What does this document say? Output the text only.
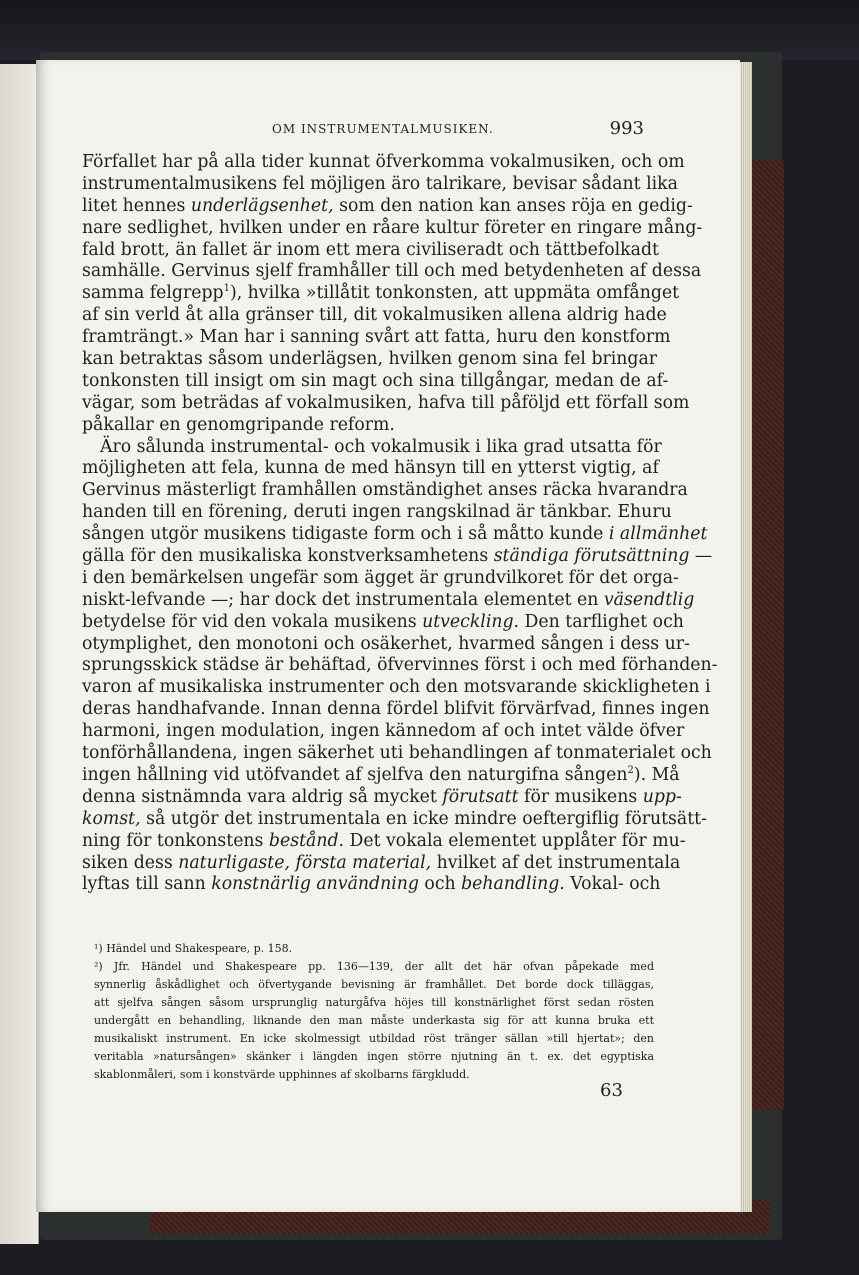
OM INSTRUMENTALMUSIKEN.	993
Förfallet har på alla tider kunnat öfverkomma vokalmusiken, och om
instrumentalmusikens fel möjligen äro talrikare, bevisar sådant lika
litet hennes underlägsenhet, som den nation kan anses röja en gedig-
nare sedlighet, hvilken under en råare kultur företer en ringare mång-
fald brott, än fallet är inom ett mera civiliseradt och tättbefolkadt
samhälle. Gervinus sjelf framhåller till och med betydenheten af dessa
samma felgrepp$^1$), hvilka »tillåtit tonkonsten, att uppmäta omfånget
af sin verld åt alla gränser till, dit vokalmusiken allena aldrig hade
framträngt.» Man har i sanning svårt att fatta, huru den konstform
kan betraktas såsom underlägsen, hvilken genom sina fel bringar
tonkonsten till insigt om sin magt och sina tillgångar, medan de af-
vägar, som beträdas af vokalmusiken, hafva till påföljd ett förfall som
påkallar en genomgripande reform.
Äro sålunda instrumental- och vokalmusik i lika grad utsatta för
möjligheten att fela, kunna de med hänsyn till en ytterst vigtig, af
Gervinus mästerligt framhållen omständighet anses räcka hvarandra
handen till en förening, deruti ingen rangskilnad är tänkbar. Ehuru
sången utgör musikens tidigaste form och i så måtto kunde i allmänhet
gälla för den musikaliska konstverksamhetens ständiga förutsättning —
i den bemärkelsen ungefär som ägget är grundvilkoret för det orga-
niskt-lefvande —; har dock det instrumentala elementet en väsendtlig
betydelse för vid den vokala musikens utveckling. Den tarflighet och
otymplighet, den monotoni och osäkerhet, hvarmed sången i dess ur-
sprungsskick städse är behäftad, öfvervinnes först i och med förhanden-
varon af musikaliska instrumenter och den motsvarande skickligheten i
deras handhafvande. Innan denna fördel blifvit förvärfvad, finnes ingen
harmoni, ingen modulation, ingen kännedom af och intet välde öfver
tonförhållandena, ingen säkerhet uti behandlingen af tonmaterialet och
ingen hållning vid utöfvandet af sjelfva den naturgifna sången$^2$). Må
denna sistnämnda vara aldrig så mycket förutsatt för musikens upp-
komst, så utgör det instrumentala en icke mindre oeftergiflig förutsätt-
ning för tonkonstens bestånd. Det vokala elementet upplåter för mu-
siken dess naturligaste, första material, hvilket af det instrumentala
lyftas till sann konstnärlig användning och behandling. Vokal- och
¹) Händel und Shakespeare, p. 158.
²) Jfr. Händel und Shakespeare pp. 136—139, der allt det här ofvan påpekade med
synnerlig åskådlighet och öfvertygande bevisning är framhållet. Det borde dock tilläggas,
att sjelfva sången såsom ursprunglig naturgåfva höjes till konstnärlighet först sedan rösten
undergått en behandling, liknande den man måste underkasta sig för att kunna bruka ett
musikaliskt instrument. En icke skolmessigt utbildad röst tränger sällan »till hjertat»; den
veritabla »natursången» skänker i längden ingen större njutning än t. ex. det egyptiska
skablonmåleri, som i konstvärde upphinnes af skolbarns färgkludd.
63
